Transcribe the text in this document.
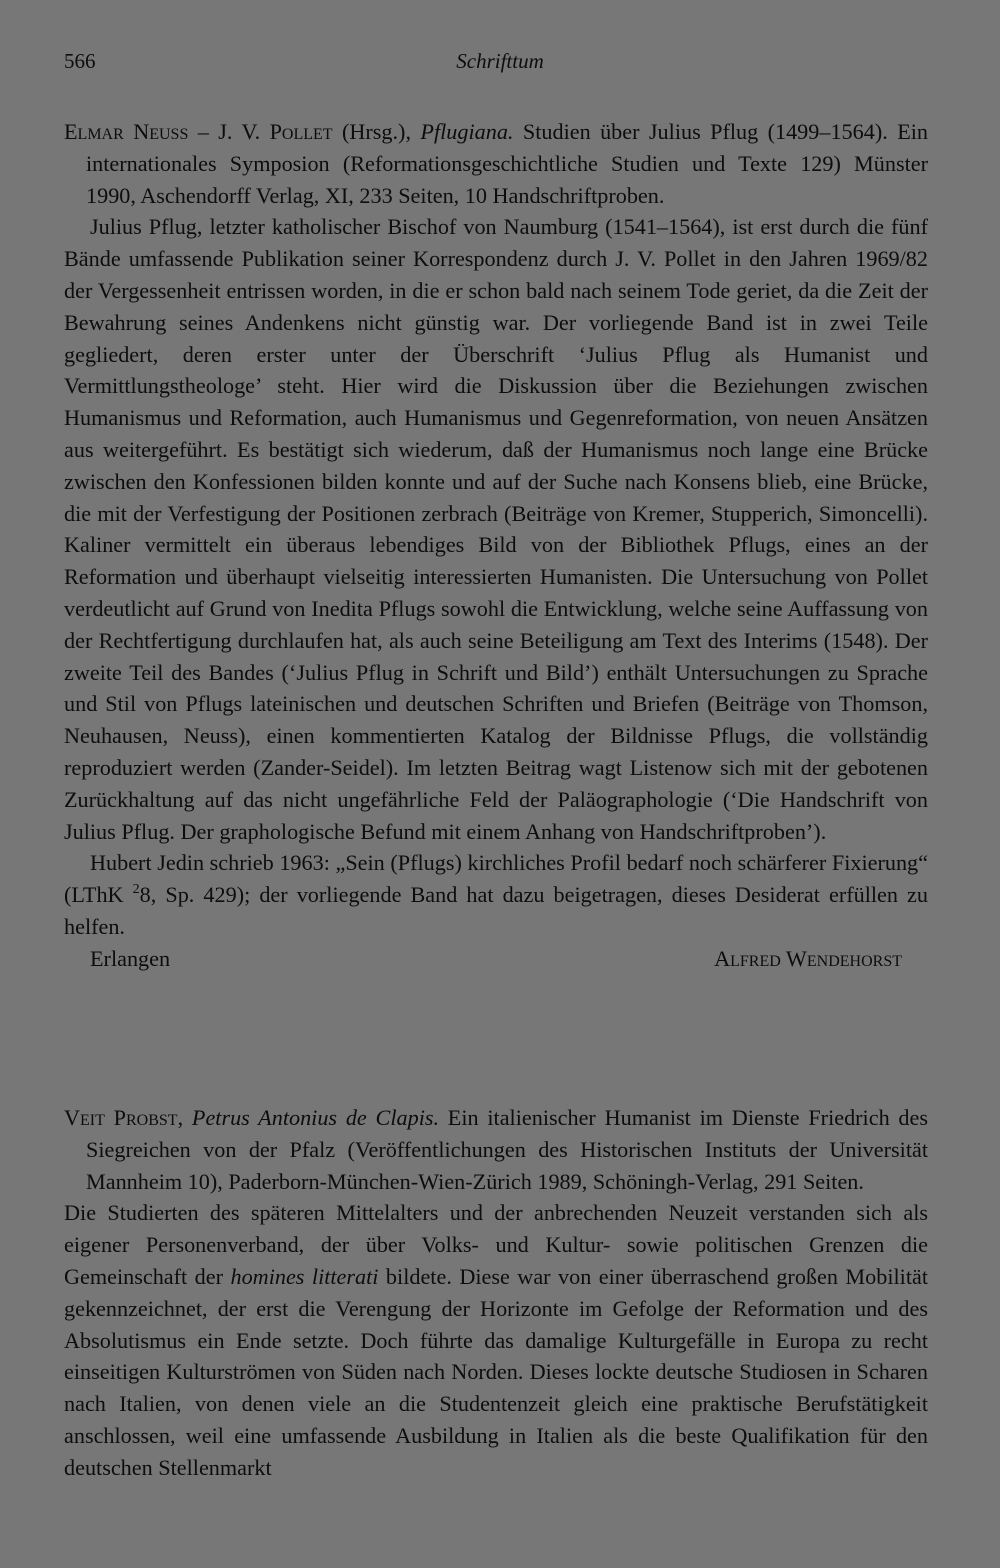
566	Schrifttum

Elmar Neuss – J. V. Pollet (Hrsg.), Pflugiana. Studien über Julius Pflug (1499–1564). Ein internationales Symposion (Reformationsgeschichtliche Studien und Texte 129) Münster 1990, Aschendorff Verlag, XI, 233 Seiten, 10 Handschriftproben.

Julius Pflug, letzter katholischer Bischof von Naumburg (1541–1564), ist erst durch die fünf Bände umfassende Publikation seiner Korrespondenz durch J. V. Pollet in den Jahren 1969/82 der Vergessenheit entrissen worden, in die er schon bald nach seinem Tode geriet, da die Zeit der Bewahrung seines Andenkens nicht günstig war. Der vorliegende Band ist in zwei Teile gegliedert, deren erster unter der Überschrift ‘Julius Pflug als Humanist und Vermittlungstheologe’ steht. Hier wird die Diskussion über die Beziehungen zwischen Humanismus und Reformation, auch Humanismus und Gegenreformation, von neuen Ansätzen aus weitergeführt. Es bestätigt sich wiederum, daß der Humanismus noch lange eine Brücke zwischen den Konfessionen bilden konnte und auf der Suche nach Konsens blieb, eine Brücke, die mit der Verfestigung der Positionen zerbrach (Beiträge von Kremer, Stupperich, Simoncelli). Kaliner vermittelt ein überaus lebendiges Bild von der Bibliothek Pflugs, eines an der Reformation und überhaupt vielseitig interessierten Humanisten. Die Untersuchung von Pollet verdeutlicht auf Grund von Inedita Pflugs sowohl die Entwicklung, welche seine Auffassung von der Rechtfertigung durchlaufen hat, als auch seine Beteiligung am Text des Interims (1548). Der zweite Teil des Bandes (‘Julius Pflug in Schrift und Bild’) enthält Untersuchungen zu Sprache und Stil von Pflugs lateinischen und deutschen Schriften und Briefen (Beiträge von Thomson, Neuhausen, Neuss), einen kommentierten Katalog der Bildnisse Pflugs, die vollständig reproduziert werden (Zander-Seidel). Im letzten Beitrag wagt Listenow sich mit der gebotenen Zurückhaltung auf das nicht ungefährliche Feld der Paläographologie (‘Die Handschrift von Julius Pflug. Der graphologische Befund mit einem Anhang von Handschriftproben’).

Hubert Jedin schrieb 1963: „Sein (Pflugs) kirchliches Profil bedarf noch schärferer Fixierung“ (LThK $^2$8, Sp. 429); der vorliegende Band hat dazu beigetragen, dieses Desiderat erfüllen zu helfen.

Erlangen	Alfred Wendehorst

Veit Probst, Petrus Antonius de Clapis. Ein italienischer Humanist im Dienste Friedrich des Siegreichen von der Pfalz (Veröffentlichungen des Historischen Instituts der Universität Mannheim 10), Paderborn-München-Wien-Zürich 1989, Schöningh-Verlag, 291 Seiten.

Die Studierten des späteren Mittelalters und der anbrechenden Neuzeit verstanden sich als eigener Personenverband, der über Volks- und Kultur- sowie politischen Grenzen die Gemeinschaft der homines litterati bildete. Diese war von einer überraschend großen Mobilität gekennzeichnet, der erst die Verengung der Horizonte im Gefolge der Reformation und des Absolutismus ein Ende setzte. Doch führte das damalige Kulturgefälle in Europa zu recht einseitigen Kulturströmen von Süden nach Norden. Dieses lockte deutsche Studiosen in Scharen nach Italien, von denen viele an die Studentenzeit gleich eine praktische Berufstätigkeit anschlossen, weil eine umfassende Ausbildung in Italien als die beste Qualifikation für den deutschen Stellenmarkt
